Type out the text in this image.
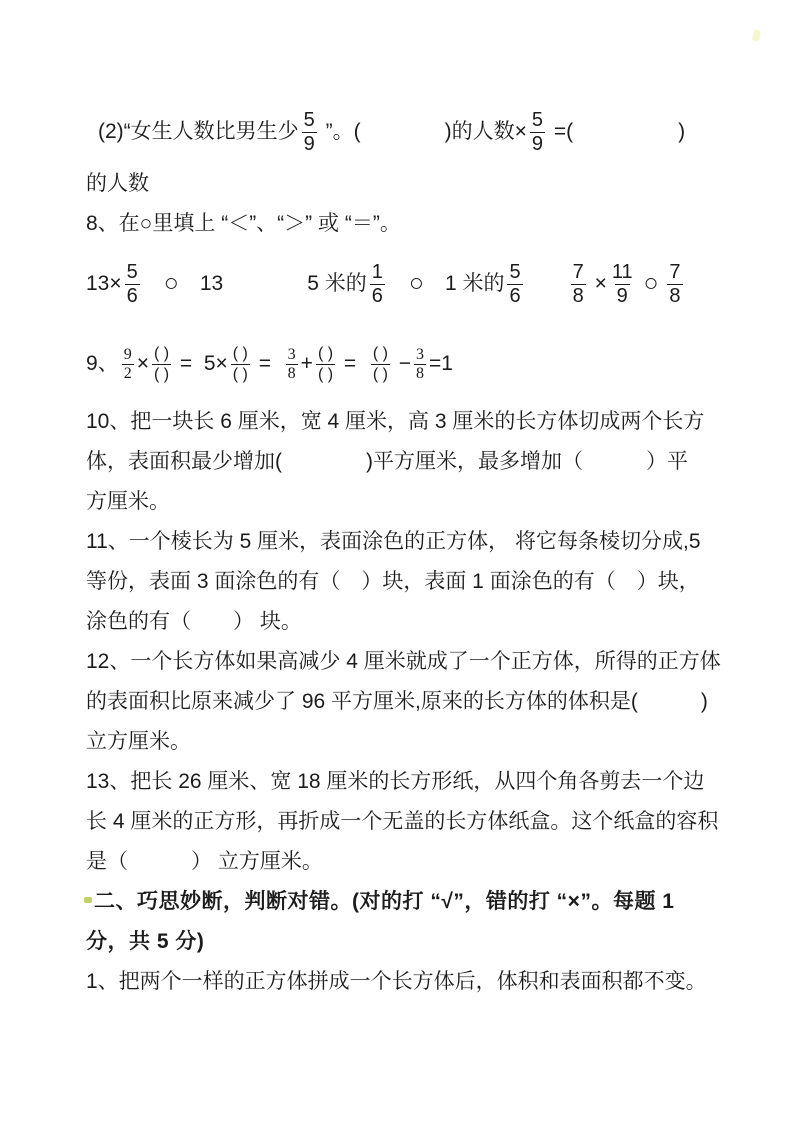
(2)“女生人数比男生少 $\frac{5}{9}$ ”。(　　　　)的人数× $\frac{5}{9}$ =(　　　　　)
的人数
8、在○里填上 “＜”、“＞” 或 “＝”。
$13\times \frac{5}{6}$
　 ○ 　13 　　　　5 米的 $\frac{1}{6}$
　 ○ 　1 米的 $\frac{5}{6}$
　　 $\frac{7}{8} \times \frac{11}{9}$
○
$\frac{7}{8}$
9、 $\frac{9}{2} \times \frac{( )}{( )} = 5\times \frac{( )}{( )} = \frac{3}{8} + \frac{( )}{( )} = \frac{( )}{( )} - \frac{3}{8} =1$
10、把一块长 6 厘米，宽 4 厘米，高 3 厘米的长方体切成两个长方
体，表面积最少增加(　　　　)平方厘米，最多增加（　　　）平
方厘米。
11、一个棱长为 5 厘米，表面涂色的正方体， 将它每条棱切分成,5
等份，表面 3 面涂色的有（　）块，表面 1 面涂色的有（　）块，
涂色的有（　　） 块。
12、一个长方体如果高减少 4 厘米就成了一个正方体，所得的正方体
的表面积比原来减少了 96 平方厘米,原来的长方体的体积是(　　　)
立方厘米。
13、把长 26 厘米、宽 18 厘米的长方形纸，从四个角各剪去一个边
长 4 厘米的正方形，再折成一个无盖的长方体纸盒。这个纸盒的容积
是（　　　） 立方厘米。
二、巧思妙断，判断对错。(对的打 “√”，错的打 “×”。每题 1
分，共 5 分)
1、把两个一样的正方体拼成一个长方体后，体积和表面积都不变。
